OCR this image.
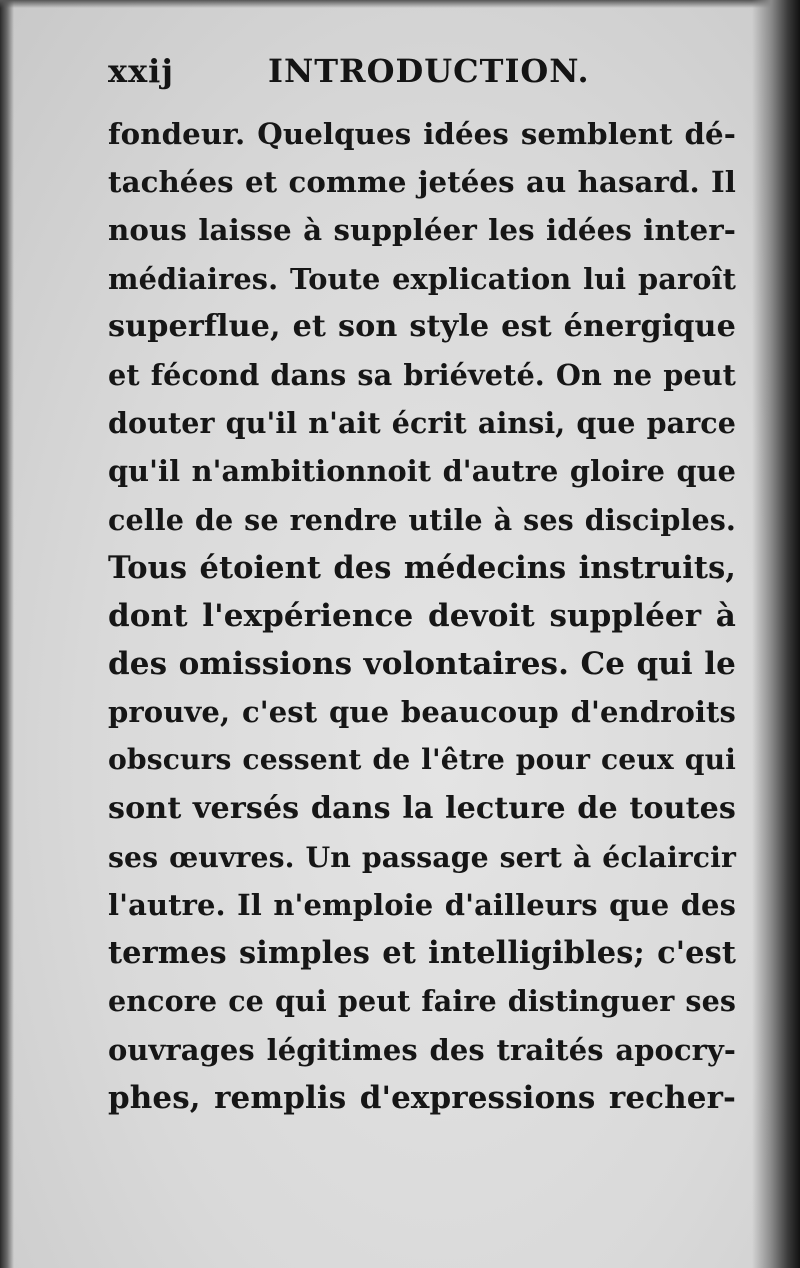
xxij	INTRODUCTION.
fondeur. Quelques idées semblent dé-
tachées et comme jetées au hasard. Il
nous laisse à suppléer les idées inter-
médiaires. Toute explication lui paroît
superflue, et son style est énergique
et fécond dans sa briéveté. On ne peut
douter qu'il n'ait écrit ainsi, que parce
qu'il n'ambitionnoit d'autre gloire que
celle de se rendre utile à ses disciples.
Tous étoient des médecins instruits,
dont l'expérience devoit suppléer à
des omissions volontaires. Ce qui le
prouve, c'est que beaucoup d'endroits
obscurs cessent de l'être pour ceux qui
sont versés dans la lecture de toutes
ses œuvres. Un passage sert à éclaircir
l'autre. Il n'emploie d'ailleurs que des
termes simples et intelligibles; c'est
encore ce qui peut faire distinguer ses
ouvrages légitimes des traités apocry-
phes, remplis d'expressions recher-
